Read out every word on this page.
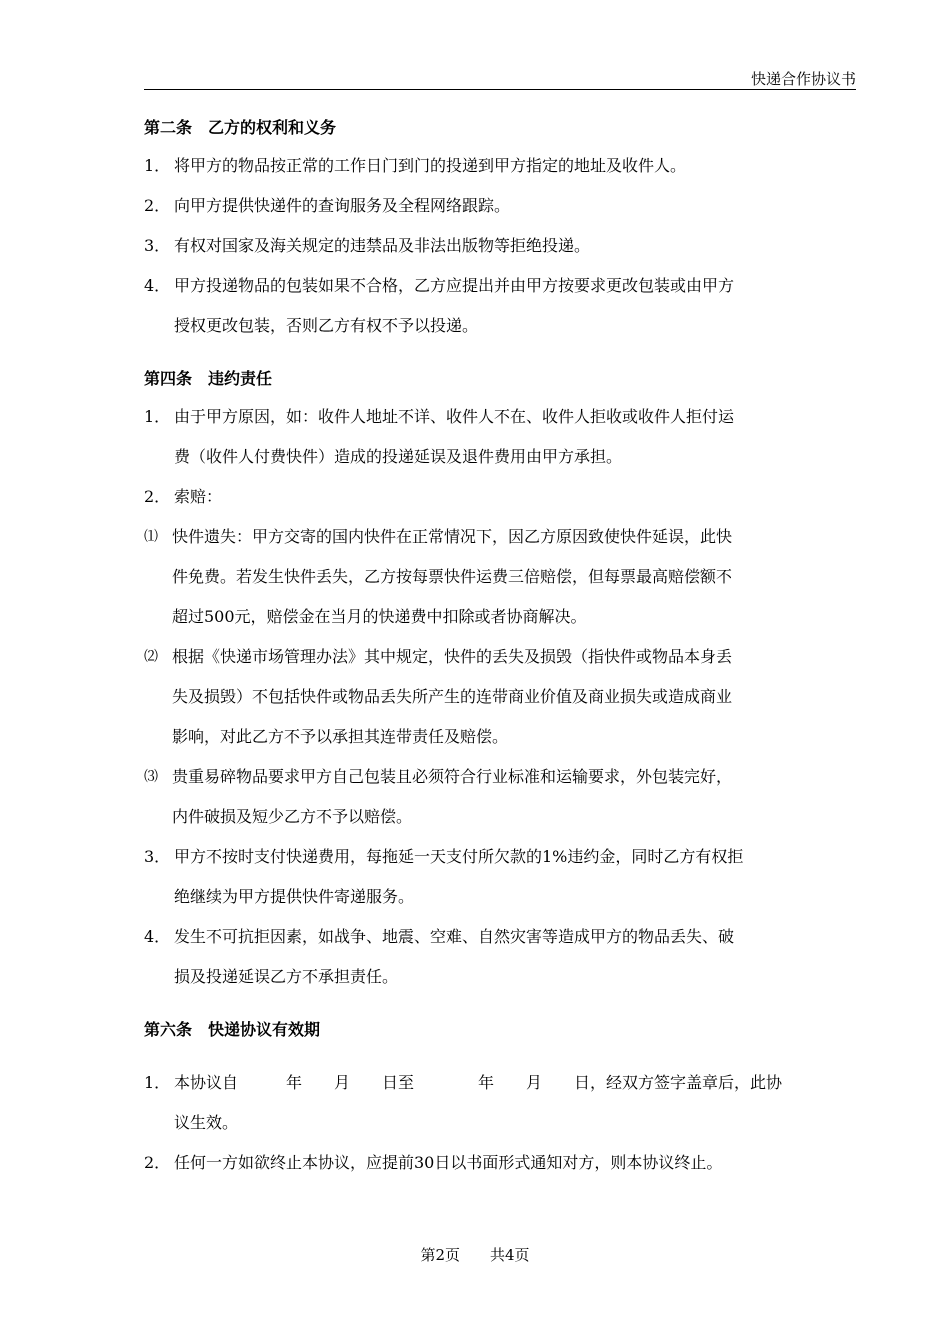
快递合作协议书
第二条　乙方的权利和义务
1． 将甲方的物品按正常的工作日门到门的投递到甲方指定的地址及收件人。
2． 向甲方提供快递件的查询服务及全程网络跟踪。
3． 有权对国家及海关规定的违禁品及非法出版物等拒绝投递。
4． 甲方投递物品的包装如果不合格，乙方应提出并由甲方按要求更改包装或由甲方
授权更改包装，否则乙方有权不予以投递。
第四条　违约责任
1． 由于甲方原因，如：收件人地址不详、收件人不在、收件人拒收或收件人拒付运
费（收件人付费快件）造成的投递延误及退件费用由甲方承担。
2． 索赔：
⑴ 快件遗失：甲方交寄的国内快件在正常情况下，因乙方原因致使快件延误，此快
件免费。若发生快件丢失，乙方按每票快件运费三倍赔偿，但每票最高赔偿额不
超过500元，赔偿金在当月的快递费中扣除或者协商解决。
⑵ 根据《快递市场管理办法》其中规定，快件的丢失及损毁（指快件或物品本身丢
失及损毁）不包括快件或物品丢失所产生的连带商业价值及商业损失或造成商业
影响，对此乙方不予以承担其连带责任及赔偿。
⑶ 贵重易碎物品要求甲方自己包装且必须符合行业标准和运输要求，外包装完好，
内件破损及短少乙方不予以赔偿。
3． 甲方不按时支付快递费用，每拖延一天支付所欠款的1%违约金，同时乙方有权拒
绝继续为甲方提供快件寄递服务。
4． 发生不可抗拒因素，如战争、地震、空难、自然灾害等造成甲方的物品丢失、破
损及投递延误乙方不承担责任。
第六条　快递协议有效期
1． 本协议自　　　年　　月　　日至　　　　年　　月　　日，经双方签字盖章后，此协
议生效。
2． 任何一方如欲终止本协议，应提前30日以书面形式通知对方，则本协议终止。
第2页　　 共4页
